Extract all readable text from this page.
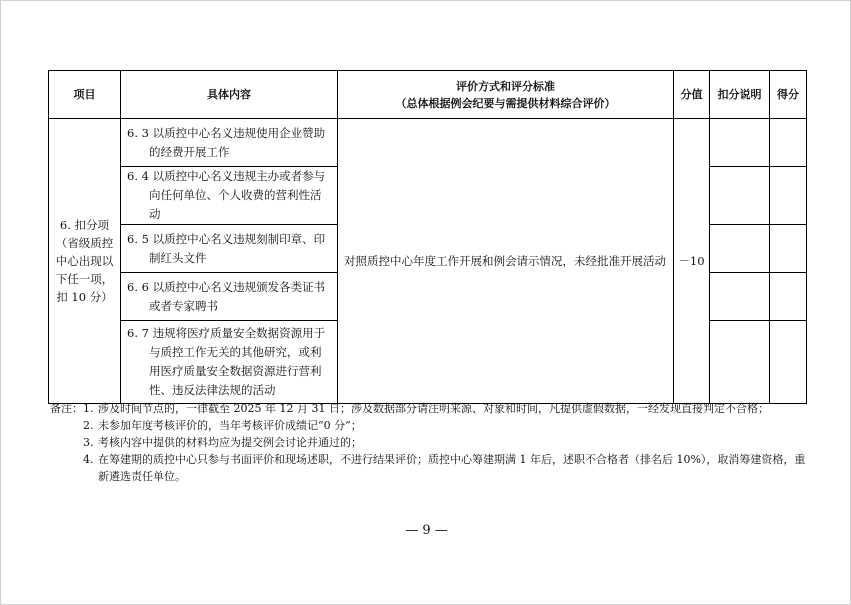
项目	具体内容	评价方式和评分标准
（总体根据例会纪要与需提供材料综合评价）	分值	扣分说明	得分
6. 扣分项（省级质控中心出现以下任一项，扣 10 分）	6. 3 以质控中心名义违规使用企业赞助的经费开展工作	对照质控中心年度工作开展和例会请示情况，未经批准开展活动	－10		

	6. 4 以质控中心名义违规主办或者参与向任何单位、个人收费的营利性活动				

	6. 5 以质控中心名义违规刻制印章、印制红头文件				

	6. 6 以质控中心名义违规颁发各类证书或者专家聘书				

	6. 7 违规将医疗质量安全数据资源用于与质控工作无关的其他研究，或利用医疗质量安全数据资源进行营利性、违反法律法规的活动				

备注： 1. 涉及时间节点的，一律截至 2025 年 12 月 31 日；涉及数据部分请注明来源、对象和时间，凡提供虚假数据，一经发现直接判定不合格；
2. 未参加年度考核评价的，当年考核评价成绩记“0 分”；
3. 考核内容中提供的材料均应为提交例会讨论并通过的；
4. 在筹建期的质控中心只参与书面评价和现场述职，不进行结果评价；质控中心筹建期满 1 年后，述职不合格者（排名后 10%），取消筹建资格，重新遴选责任单位。
— 9 —
